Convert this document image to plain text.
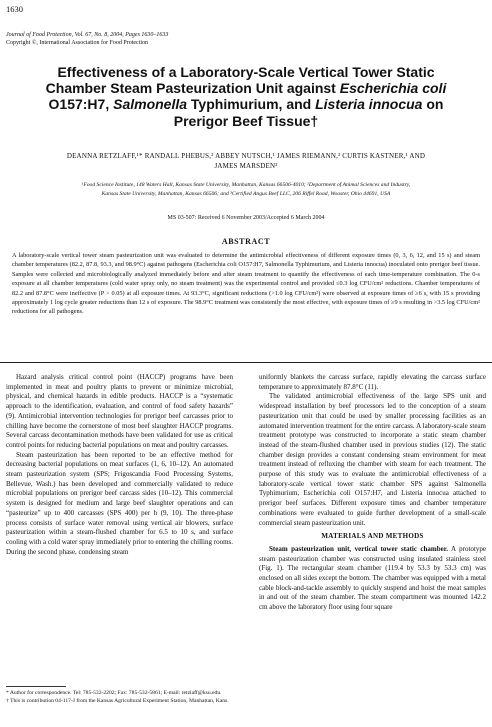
1630
Journal of Food Protection, Vol. 67, No. 8, 2004, Pages 1630–1633
Copyright ©, International Association for Food Protection
Effectiveness of a Laboratory-Scale Vertical Tower Static
Chamber Steam Pasteurization Unit against Escherichia coli
O157:H7, Salmonella Typhimurium, and Listeria innocua on
Prerigor Beef Tissue†
DEANNA RETZLAFF,¹* RANDALL PHEBUS,² ABBEY NUTSCH,¹ JAMES RIEMANN,³ CURTIS KASTNER,¹ AND
JAMES MARSDEN²
¹Food Science Institute, 148 Waters Hall, Kansas State University, Manhattan, Kansas 66506-4010; ²Department of Animal Sciences and Industry,
Kansas State University, Manhattan, Kansas 66506; and ³Certified Angus Beef LLC, 206 Riffel Road, Wooster, Ohio 44691, USA
MS 03-507: Received 6 November 2003/Accepted 6 March 2004
ABSTRACT
A laboratory-scale vertical tower steam pasteurization unit was evaluated to determine the antimicrobial effectiveness of different exposure times (0, 3, 6, 12, and 15 s) and steam chamber temperatures (82.2, 87.8, 93.3, and 98.9°C) against pathogens (Escherichia coli O157:H7, Salmonella Typhimurium, and Listeria innocua) inoculated onto prerigor beef tissue. Samples were collected and microbiologically analyzed immediately before and after steam treatment to quantify the effectiveness of each time-temperature combination. The 0-s exposure at all chamber temperatures (cold water spray only, no steam treatment) was the experimental control and provided ≤0.3 log CFU/cm² reductions. Chamber temperatures of 82.2 and 87.8°C were ineffective (P > 0.05) at all exposure times. At 93.3°C, significant reductions (>1.0 log CFU/cm²) were observed at exposure times of ≥6 s, with 15 s providing approximately 1 log cycle greater reductions than 12 s of exposure. The 98.9°C treatment was consistently the most effective, with exposure times of ≥9 s resulting in >3.5 log CFU/cm² reductions for all pathogens.

Hazard analysis critical control point (HACCP) programs have been implemented in meat and poultry plants to prevent or minimize microbial, physical, and chemical hazards in edible products. HACCP is a “systematic approach to the identification, evaluation, and control of food safety hazards” (9). Antimicrobial intervention technologies for prerigor beef carcasses prior to chilling have become the cornerstone of most beef slaughter HACCP programs. Several carcass decontamination methods have been validated for use as critical control points for reducing bacterial populations on meat and poultry carcasses.

Steam pasteurization has been reported to be an effective method for decreasing bacterial populations on meat surfaces (1, 6, 10–12). An automated steam pasteurization system (SPS; Frigoscandia Food Processing Systems, Bellevue, Wash.) has been developed and commercially validated to reduce microbial populations on prerigor beef carcass sides (10–12). This commercial system is designed for medium and large beef slaughter operations and can “pasteurize” up to 400 carcasses (SPS 400) per h (9, 10). The three-phase process consists of surface water removal using vertical air blowers, surface pasteurization within a steam-flushed chamber for 6.5 to 10 s, and surface cooling with a cold water spray immediately prior to entering the chilling rooms. During the second phase, condensing steam

uniformly blankets the carcass surface, rapidly elevating the carcass surface temperature to approximately 87.8°C (11).

The validated antimicrobial effectiveness of the large SPS unit and widespread installation by beef processors led to the conception of a steam pasteurization unit that could be used by smaller processing facilities as an automated intervention treatment for the entire carcass. A laboratory-scale steam treatment prototype was constructed to incorporate a static steam chamber instead of the steam-flushed chamber used in previous studies (12). The static chamber design provides a constant condensing steam environment for meat treatment instead of refluxing the chamber with steam for each treatment. The purpose of this study was to evaluate the antimicrobial effectiveness of a laboratory-scale vertical tower static chamber SPS against Salmonella Typhimurium, Escherichia coli O157:H7, and Listeria innocua attached to prerigor beef surfaces. Different exposure times and chamber temperature combinations were evaluated to guide further development of a small-scale commercial steam pasteurization unit.

MATERIALS AND METHODS

Steam pasteurization unit, vertical tower static chamber. A prototype steam pasteurization chamber was constructed using insulated stainless steel (Fig. 1). The rectangular steam chamber (119.4 by 53.3 by 53.3 cm) was enclosed on all sides except the bottom. The chamber was equipped with a metal cable block-and-tackle assembly to quickly suspend and hoist the meat samples in and out of the steam chamber. The steam compartment was mounted 142.2 cm above the laboratory floor using four square

* Author for correspondence. Tel: 785-532-2202; Fax: 785-532-5861; E-mail: retzlaff@ksu.edu.
† This is contribution 04-117-J from the Kansas Agricultural Experiment Station, Manhattan, Kans.
